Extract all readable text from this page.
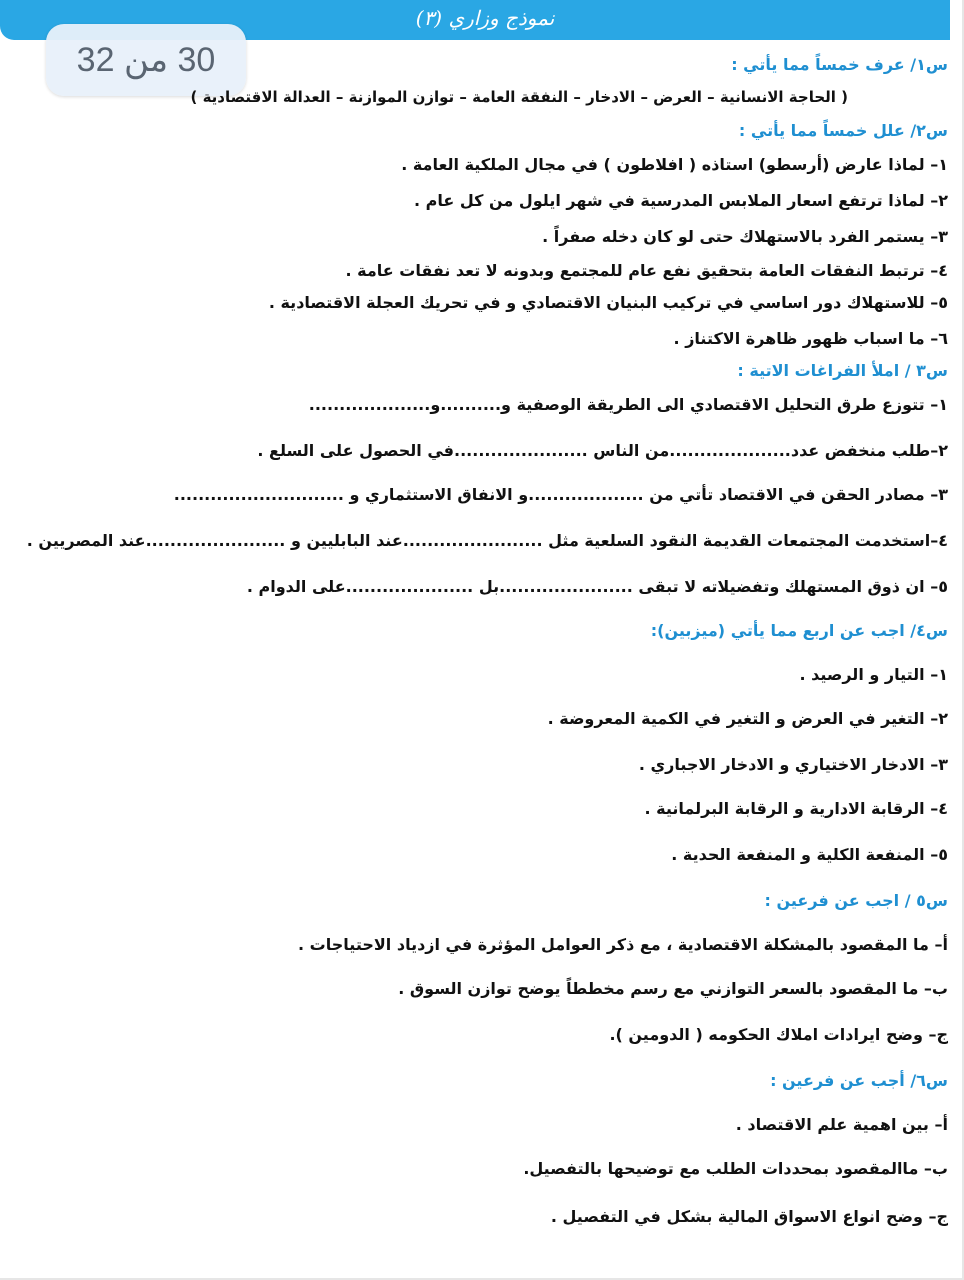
نموذج وزاري (٣)
30 من 32	س١/ عرف خمساً مما يأتي :
( الحاجة الانسانية – العرض – الادخار – النفقة العامة – توازن الموازنة – العدالة الاقتصادية )
س٢/ علل خمساً مما يأتي :
١– لماذا عارض (أرسطو) استاذه ( افلاطون ) في مجال الملكية العامة .
٢– لماذا ترتفع اسعار الملابس المدرسية في شهر ايلول من كل عام .
٣– يستمر الفرد بالاستهلاك حتى لو كان دخله صفراً .
٤– ترتبط النفقات العامة بتحقيق نفع عام للمجتمع وبدونه لا تعد نفقات عامة .
٥– للاستهلاك دور اساسي في تركيب البنيان الاقتصادي و في تحريك العجلة الاقتصادية .
٦– ما اسباب ظهور ظاهرة الاكتناز .
س٣ / املأ الفراغات الاتية :
١– تتوزع طرق التحليل الاقتصادي الى الطريقة الوصفية و..........و....................
٢–طلب منخفض عدد....................من الناس ......................في الحصول على السلع .
٣– مصادر الحقن في الاقتصاد تأتي من ...................و الانفاق الاستثماري و ............................
٤–استخدمت المجتمعات القديمة النقود السلعية مثل .......................عند البابليين و .......................عند المصريين .
٥– ان ذوق المستهلك وتفضيلاته لا تبقى ......................بل .....................على الدوام .
س٤/ اجب عن اربع مما يأتي (ميزبين):
١– التيار و الرصيد .
٢– التغير في العرض و التغير في الكمية المعروضة .
٣– الادخار الاختياري و الادخار الاجباري .
٤– الرقابة الادارية و الرقابة البرلمانية .
٥– المنفعة الكلية و المنفعة الحدية .
س٥ / اجب عن فرعين :
أ– ما المقصود بالمشكلة الاقتصادية ، مع ذكر العوامل المؤثرة في ازدياد الاحتياجات .
ب– ما المقصود بالسعر التوازني مع رسم مخططاً يوضح توازن السوق .
ج– وضح ايرادات املاك الحكومه ( الدومين ).
س٦/ أجب عن فرعين :
أ– بين اهمية علم الاقتصاد .
ب– ماالمقصود بمحددات الطلب مع توضيحها بالتفصيل.
ج– وضح انواع الاسواق المالية بشكل في التفصيل .
